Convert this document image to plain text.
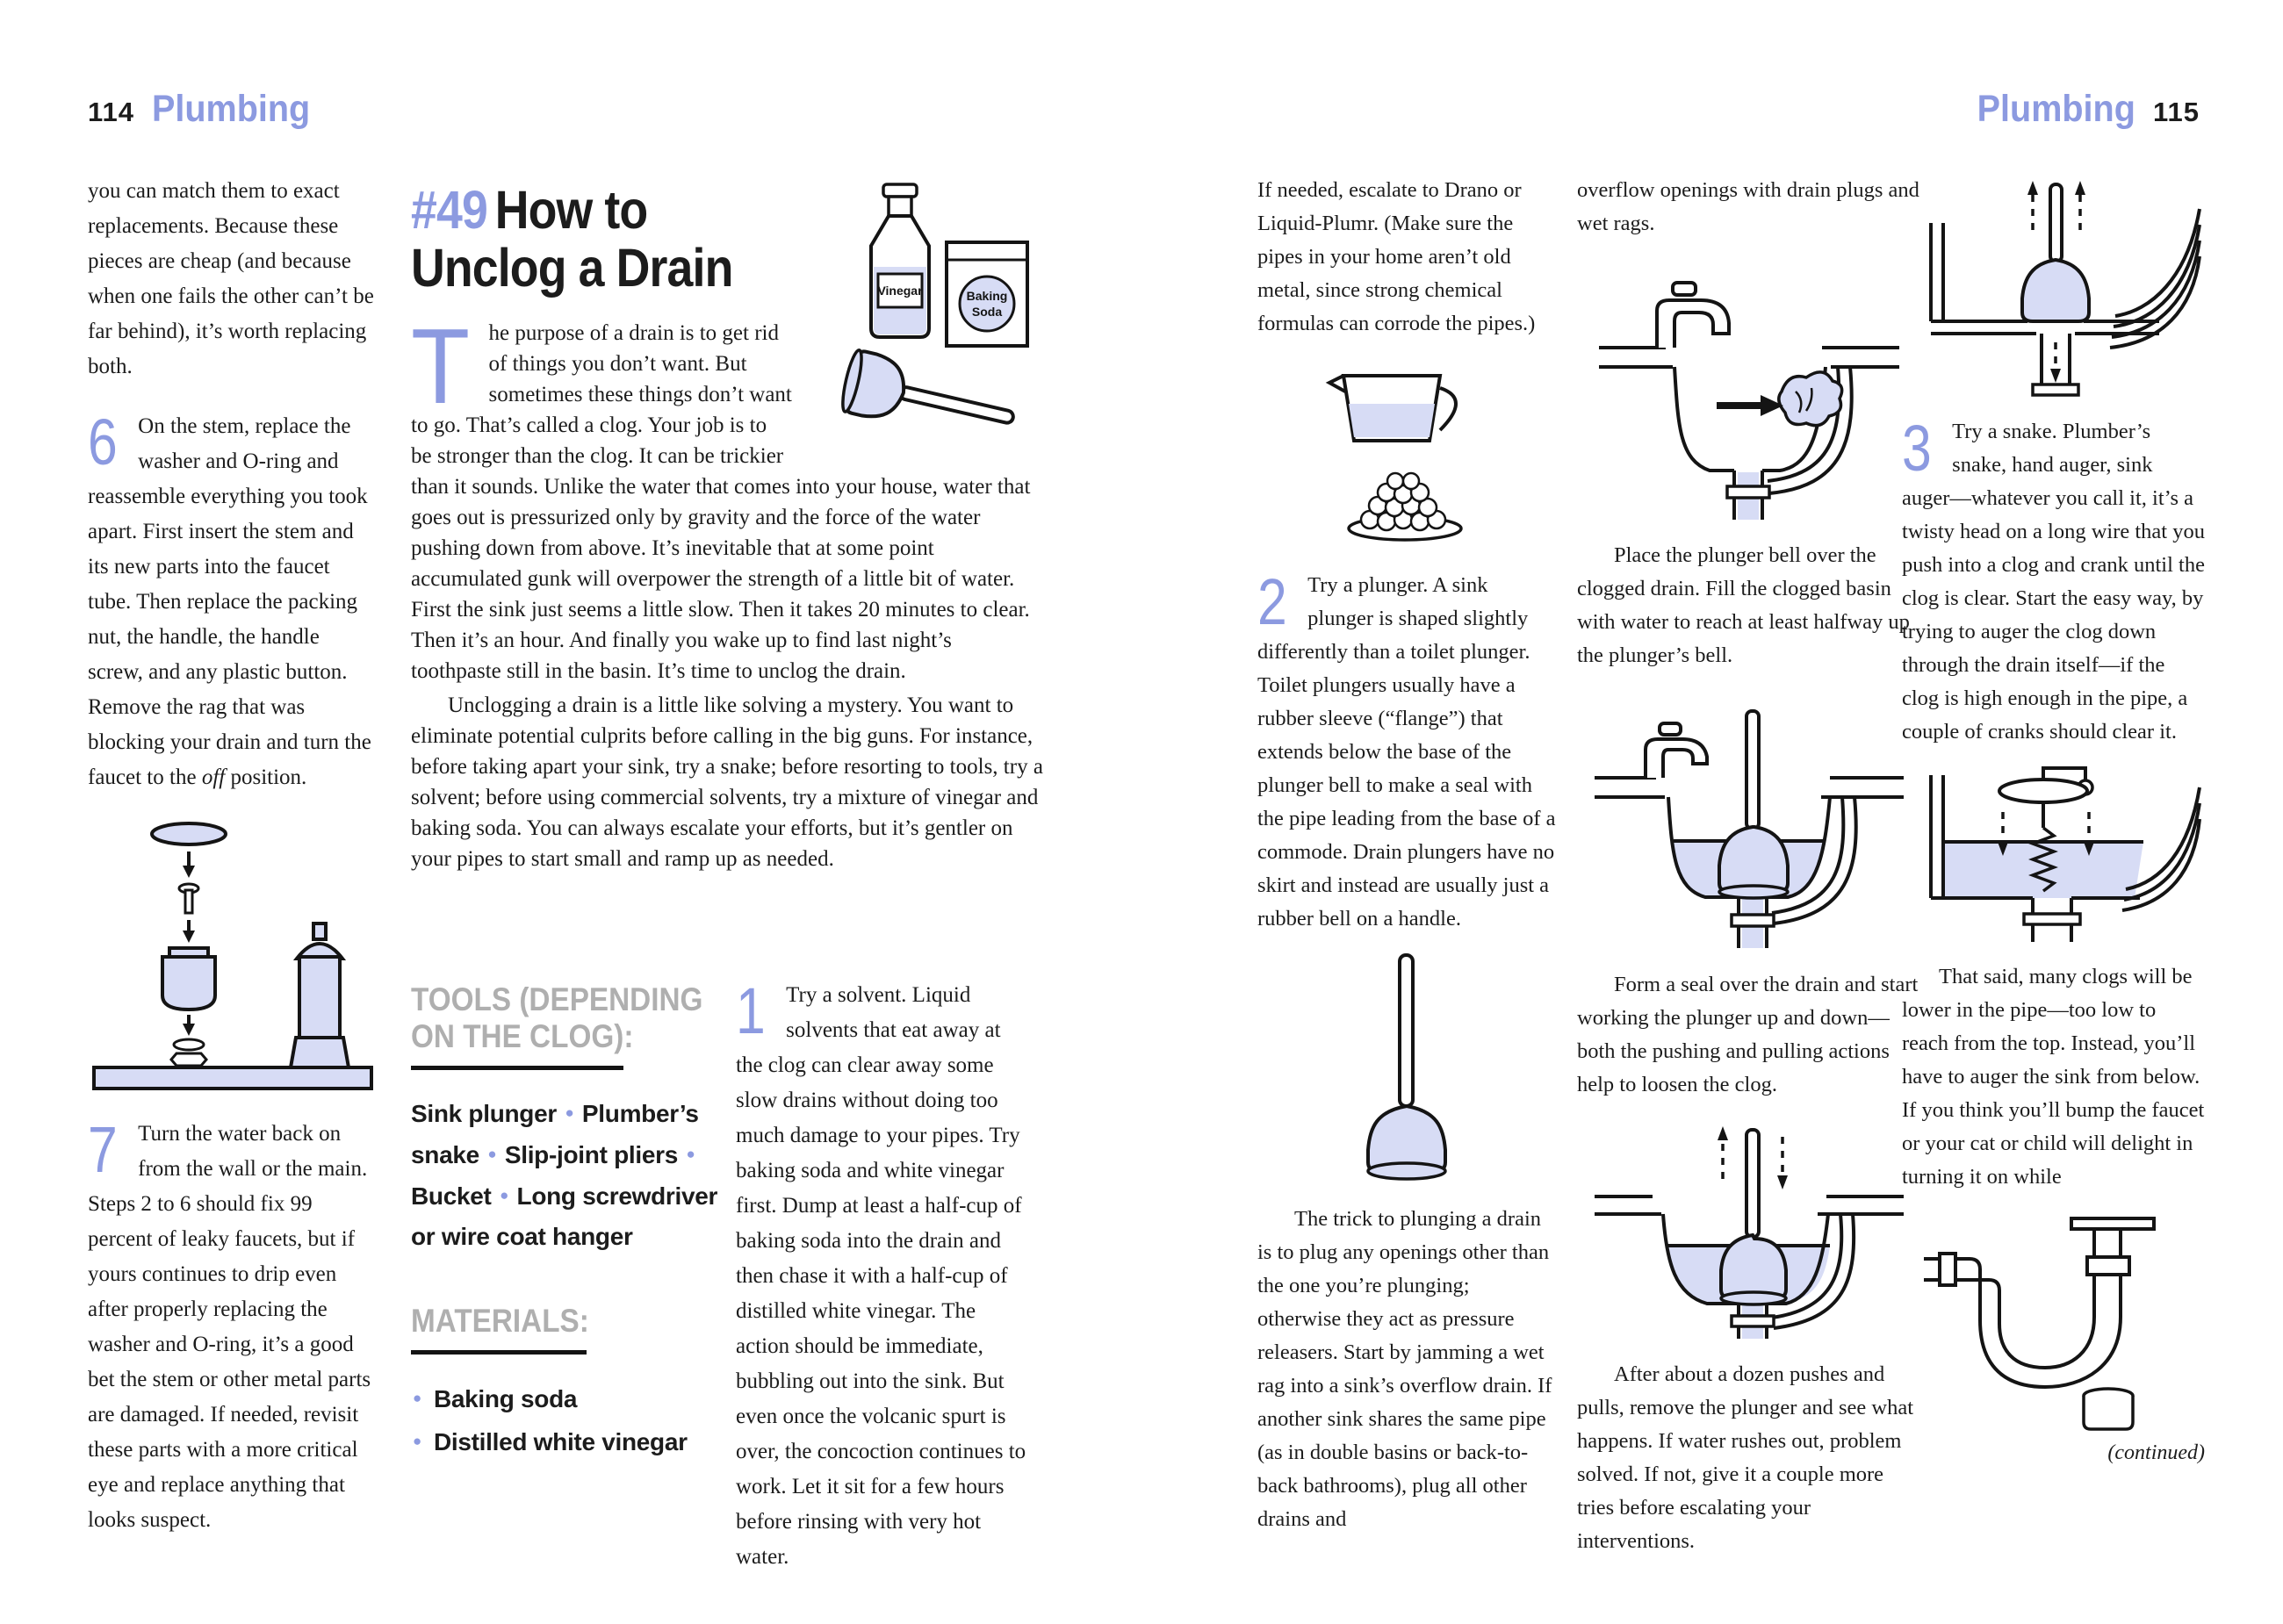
114 Plumbing	Plumbing 115

you can match them to exact replacements. Because these pieces are cheap (and because when one fails the other can’t be far behind), it’s worth replacing both.

6 On the stem, replace the washer and O-ring and reassemble everything you took apart. First insert the stem and its new parts into the faucet tube. Then replace the packing nut, the handle, the handle screw, and any plastic button. Remove the rag that was blocking your drain and turn the faucet to the off position.
7 Turn the water back on from the wall or the main. Steps 2 to 6 should fix 99 percent of leaky faucets, but if yours continues to drip even after properly replacing the washer and O-ring, it’s a good bet the stem or other metal parts are damaged. If needed, revisit these parts with a more critical eye and replace anything that looks suspect.
Baking
Soda
Vinegar
#49 How to
Unclog a Drain

The purpose of a drain is to get rid of things you don’t want. But sometimes these things don’t want to go. That’s called a clog. Your job is to be stronger than the clog. It can be trickier than it sounds. Unlike the water that comes into your house, water that goes out is pressurized only by gravity and the force of the water pushing down from above. It’s inevitable that at some point accumulated gunk will overpower the strength of a little bit of water. First the sink just seems a little slow. Then it takes 20 minutes to clear. Then it’s an hour. And finally you wake up to find last night’s toothpaste still in the basin. It’s time to unclog the drain.

Unclogging a drain is a little like solving a mystery. You want to eliminate potential culprits before calling in the big guns. For instance, before taking apart your sink, try a snake; before resorting to tools, try a solvent; before using commercial solvents, try a mixture of vinegar and baking soda. You can always escalate your efforts, but it’s gentler on your pipes to start small and ramp up as needed.

TOOLS (DEPENDING
ON THE CLOG):
Sink plunger ● Plumber’s snake ● Slip-joint pliers ● Bucket ● Long screwdriver or wire coat hanger
MATERIALS:
● Baking soda
● Distilled white vinegar
1 Try a solvent. Liquid solvents that eat away at the clog can clear away some slow drains without doing too much damage to your pipes. Try baking soda and white vinegar first. Dump at least a half-cup of baking soda into the drain and then chase it with a half-cup of distilled white vinegar. The action should be immediate, bubbling out into the sink. But even once the volcanic spurt is over, the concoction continues to work. Let it sit for a few hours before rinsing with very hot water.

If needed, escalate to Drano or Liquid-Plumr. (Make sure the pipes in your home aren’t old metal, since strong chemical formulas can corrode the pipes.)

2 Try a plunger. A sink plunger is shaped slightly differently than a toilet plunger. Toilet plungers usually have a rubber sleeve (“flange”) that extends below the base of the plunger bell to make a seal with the pipe leading from the base of a commode. Drain plungers have no skirt and instead are usually just a rubber bell on a handle.

The trick to plunging a drain is to plug any openings other than the one you’re plunging; otherwise they act as pressure releasers. Start by jamming a wet rag into a sink’s overflow drain. If another sink shares the same pipe (as in double basins or back-to-back bathrooms), plug all other drains and

overflow openings with drain plugs and wet rags.

Place the plunger bell over the clogged drain. Fill the clogged basin with water to reach at least halfway up the plunger’s bell.

Form a seal over the drain and start working the plunger up and down—both the pushing and pulling actions help to loosen the clog.

After about a dozen pushes and pulls, remove the plunger and see what happens. If water rushes out, problem solved. If not, give it a couple more tries before escalating your interventions.

3 Try a snake. Plumber’s snake, hand auger, sink auger—whatever you call it, it’s a twisty head on a long wire that you push into a clog and crank until the clog is clear. Start the easy way, by trying to auger the clog down through the drain itself—if the clog is high enough in the pipe, a couple of cranks should clear it.

That said, many clogs will be lower in the pipe—too low to reach from the top. Instead, you’ll have to auger the sink from below. If you think you’ll bump the faucet or your cat or child will delight in turning it on while

(continued)
